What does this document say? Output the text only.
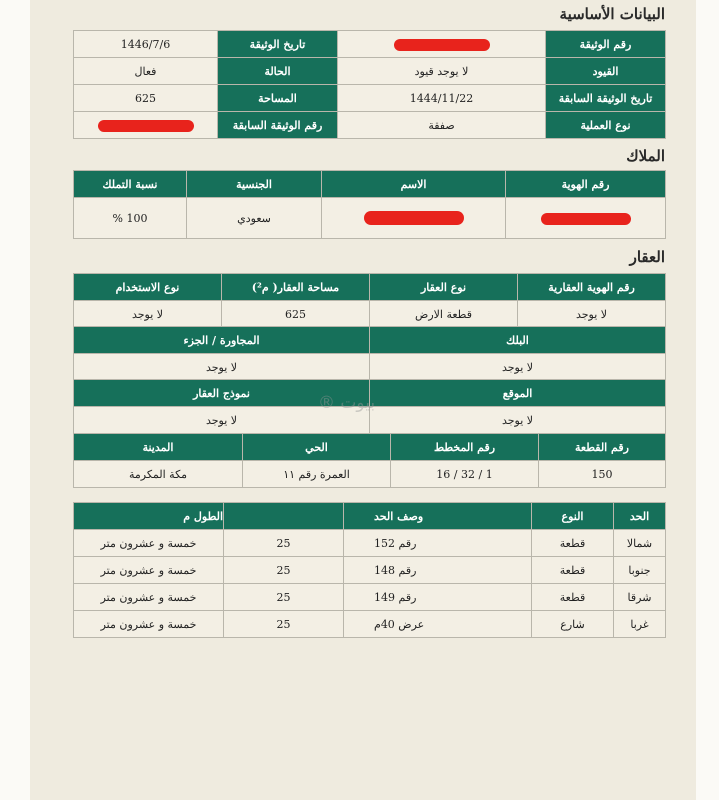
البيانات الأساسية
رقم الوثيقة		تاريخ الوثيقة	1446/7/6
القيود	لا يوجد قيود	الحالة	فعال
تاريخ الوثيقة السابقة	1444/11/22	المساحة	625
نوع العملية	صفقة	رقم الوثيقة السابقة	
الملاك
رقم الهوية	الاسم	الجنسية	نسبة التملك
		سعودي	100 %
العقار
رقم الهوية العقارية	نوع العقار	مساحة العقار( م²)	نوع الاستخدام
لا يوجد	قطعة الارض	625	لا يوجد
البلك	المجاورة / الجزء
لا يوجد	لا يوجد
الموقع	نموذج العقار
لا يوجد	لا يوجد
بيوت ®
رقم القطعة	رقم المخطط	الحي	المدينة
150	1 / 32 / 16	العمرة رقم ١١	مكة المكرمة
الحد	النوع	وصف الحد		الطول م
شمالا	قطعة	رقم 152	25	خمسة و عشرون متر
جنوبا	قطعة	رقم 148	25	خمسة و عشرون متر
شرقا	قطعة	رقم 149	25	خمسة و عشرون متر
غربا	شارع	عرض 40م	25	خمسة و عشرون متر
